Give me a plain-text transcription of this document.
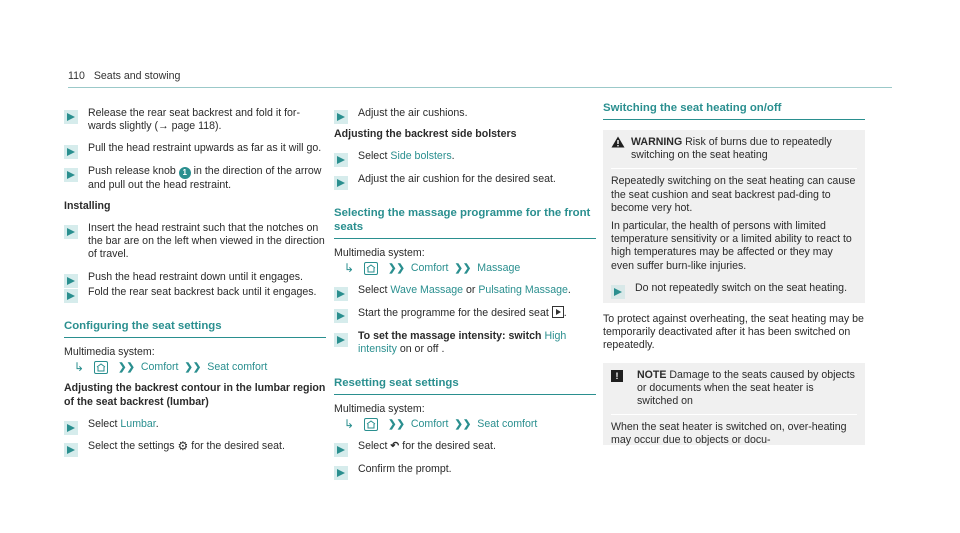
110 Seats and stowing
Release the rear seat backrest and fold it for-wards slightly (→ page 118).
Pull the head restraint upwards as far as it will go.
Push release knob 1 in the direction of the arrow and pull out the head restraint.
Installing
Insert the head restraint such that the notches on the bar are on the left when viewed in the direction of travel.
Push the head restraint down until it engages.
Fold the rear seat backrest back until it engages.
Configuring the seat settings
Multimedia system:
↳	❯❯ Comfort ❯❯ Seat comfort
Adjusting the backrest contour in the lumbar region of the seat backrest (lumbar)
Select Lumbar.
Select the settings ⚙ for the desired seat.
Adjust the air cushions.
Adjusting the backrest side bolsters
Select Side bolsters.
Adjust the air cushion for the desired seat.
Selecting the massage programme for the front seats
Multimedia system:
↳	❯❯ Comfort ❯❯ Massage
Select Wave Massage or Pulsating Massage.
Start the programme for the desired seat .
To set the massage intensity: switch High intensity on or off .
Resetting seat settings
Multimedia system:
↳	❯❯ Comfort ❯❯ Seat comfort
Select ↶ for the desired seat.
Confirm the prompt.
Switching the seat heating on/off
WARNING Risk of burns due to repeatedly switching on the seat heating

Repeatedly switching on the seat heating can cause the seat cushion and seat backrest pad-ding to become very hot.

In particular, the health of persons with limited temperature sensitivity or a limited ability to react to high temperatures may be affected or they may even suffer burn-like injuries.

Do not repeatedly switch on the seat heating.

To protect against overheating, the seat heating may be temporarily deactivated after it has been switched on repeatedly.

!	NOTE Damage to the seats caused by objects or documents when the seat heater is switched on

When the seat heater is switched on, over-heating may occur due to objects or docu-
